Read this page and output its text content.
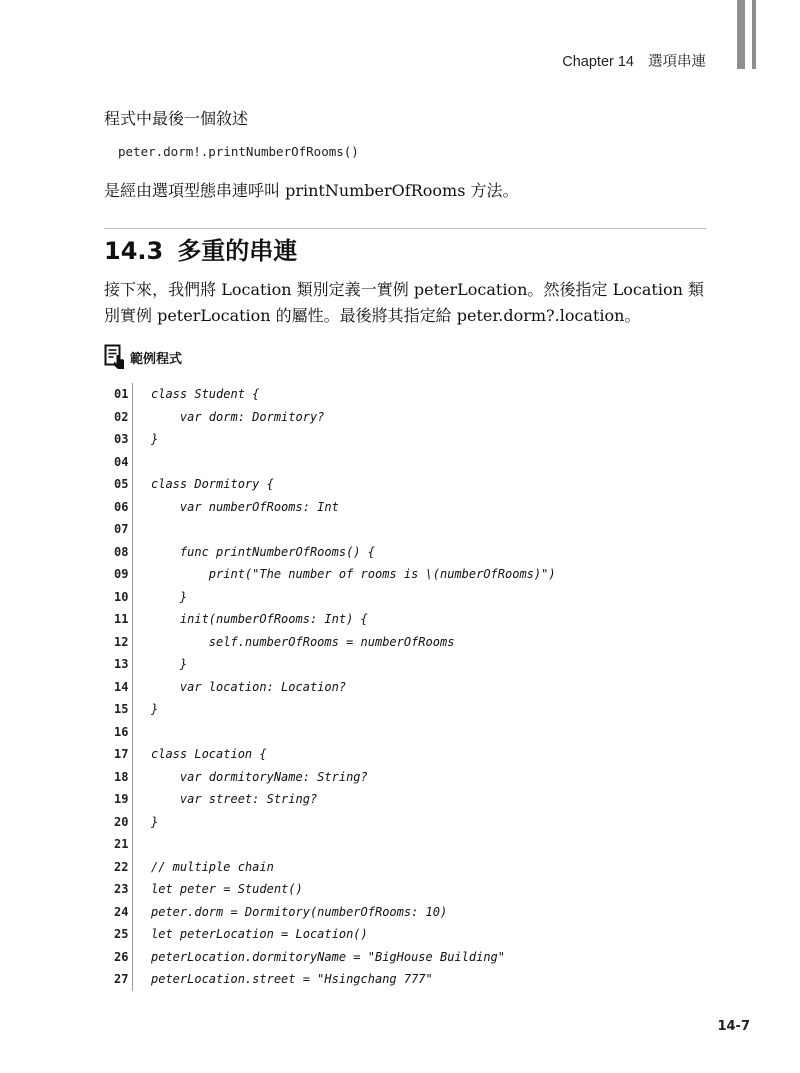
Chapter 14 選項串連

程式中最後一個敘述

peter.dorm!.printNumberOfRooms()

是經由選項型態串連呼叫 printNumberOfRooms 方法。

14.3 多重的串連

接下來，我們將 Location 類別定義一實例 peterLocation。然後指定 Location 類別實例 peterLocation 的屬性。最後將其指定給 peter.dorm?.location。

範例程式
01 class Student {
02 var dorm: Dormitory?
03 }
04
05 class Dormitory {
06 var numberOfRooms: Int
07
08 func printNumberOfRooms() {
09 print("The number of rooms is \(numberOfRooms)")
10 }
11 init(numberOfRooms: Int) {
12 self.numberOfRooms = numberOfRooms
13 }
14 var location: Location?
15 }
16
17 class Location {
18 var dormitoryName: String?
19 var street: String?
20 }
21
22 // multiple chain
23 let peter = Student()
24 peter.dorm = Dormitory(numberOfRooms: 10)
25 let peterLocation = Location()
26 peterLocation.dormitoryName = "BigHouse Building"
27 peterLocation.street = "Hsingchang 777"
14-7
